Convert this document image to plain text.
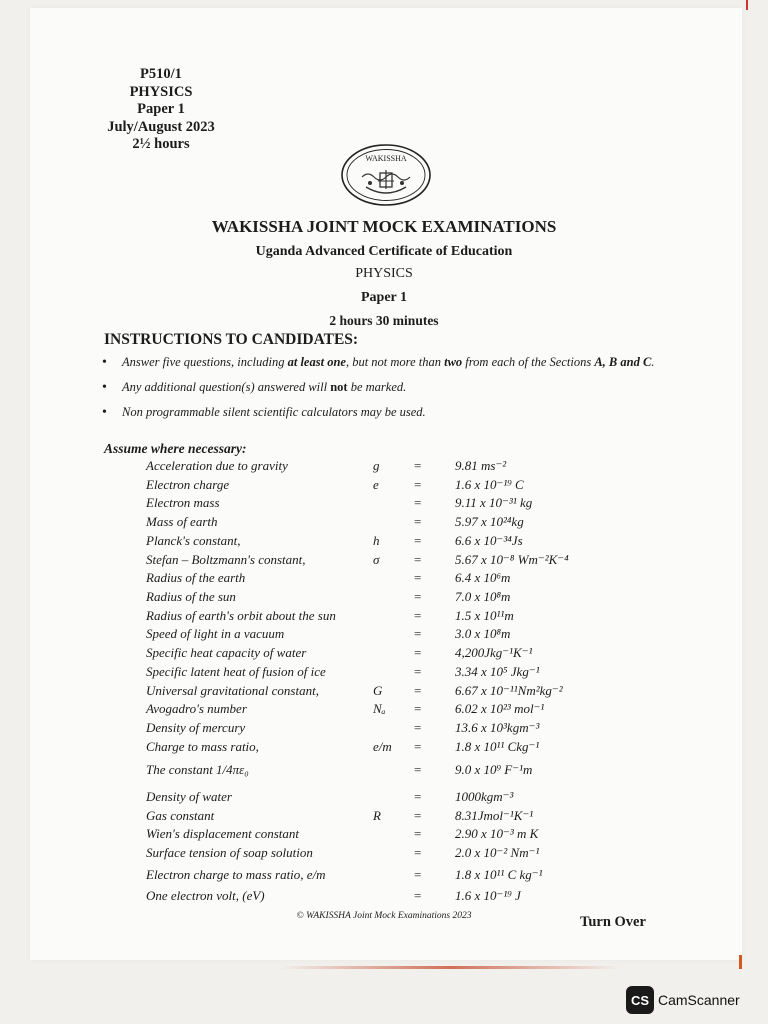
P510/1
PHYSICS
Paper 1
July/August 2023
2½ hours
WAKISSHA
WAKISSHA JOINT MOCK EXAMINATIONS
Uganda Advanced Certificate of Education
PHYSICS
Paper 1
2 hours 30 minutes
INSTRUCTIONS TO CANDIDATES:
• Answer five questions, including at least one, but not more than two from each of the Sections A, B and C.
• Any additional question(s) answered will not be marked.
• Non programmable silent scientific calculators may be used.
Assume where necessary:
Acceleration due to gravity	g	=	9.81 ms⁻²
Electron charge	e	=	1.6 x 10⁻¹⁹ C
Electron mass	=	9.11 x 10⁻³¹ kg
Mass of earth	=	5.97 x 10²⁴kg
Planck's constant,	h	=	6.6 x 10⁻³⁴Js
Stefan – Boltzmann's constant,	σ	=	5.67 x 10⁻⁸ Wm⁻²K⁻⁴
Radius of the earth	=	6.4 x 10⁶m
Radius of the sun	=	7.0 x 10⁸m
Radius of earth's orbit about the sun	=	1.5 x 10¹¹m
Speed of light in a vacuum	=	3.0 x 10⁸m
Specific heat capacity of water	=	4,200Jkg⁻¹K⁻¹
Specific latent heat of fusion of ice	=	3.34 x 10⁵ Jkg⁻¹
Universal gravitational constant,	G =	6.67 x 10⁻¹¹Nm²kg⁻²
Avogadro's number	Nₐ =	6.02 x 10²³ mol⁻¹
Density of mercury	=	13.6 x 10³kgm⁻³
Charge to mass ratio,	e/m =	1.8 x 10¹¹ Ckg⁻¹
The constant 1/4πε₀	=	9.0 x 10⁹ F⁻¹m
Density of water	=	1000kgm⁻³
Gas constant	R	=	8.31Jmol⁻¹K⁻¹
Wien's displacement constant	=	2.90 x 10⁻³ m K
Surface tension of soap solution	=	2.0 x 10⁻² Nm⁻¹
Electron charge to mass ratio, e/m	=	1.8 x 10¹¹ C kg⁻¹
One electron volt, (eV)	=	1.6 x 10⁻¹⁹ J
© WAKISSHA Joint Mock Examinations 2023	Turn Over
CS CamScanner
